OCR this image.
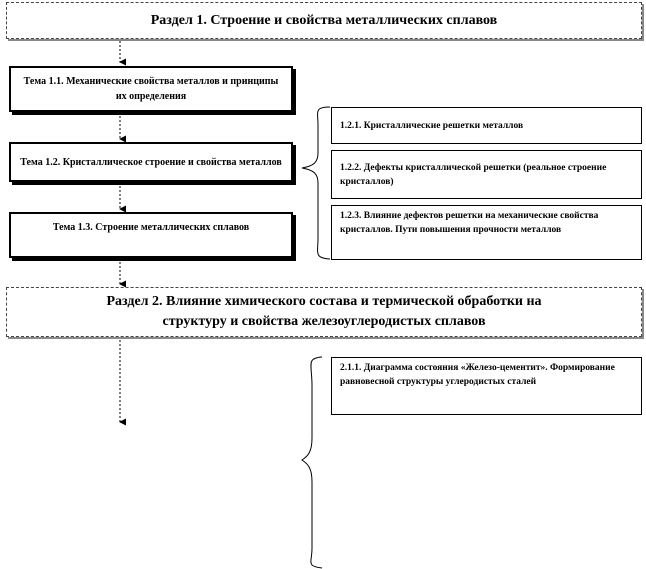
Раздел 1. Строение и свойства металлических сплавов
Тема 1.1. Механические свойства металлов и принципы их определения
Тема 1.2. Кристаллическое строение и свойства металлов
Тема 1.3. Строение металлических сплавов
1.2.1. Кристаллические решетки металлов
1.2.2. Дефекты кристаллической решетки (реальное строение кристаллов)
1.2.3. Влияние дефектов решетки на механические свойства кристаллов. Пути повышения прочности металлов
Раздел 2. Влияние химического состава и термической обработки на
структуру и свойства железоуглеродистых сплавов
2.1.1. Диаграмма состояния «Железо-цементит». Формирование равновесной структуры углеродистых сталей
